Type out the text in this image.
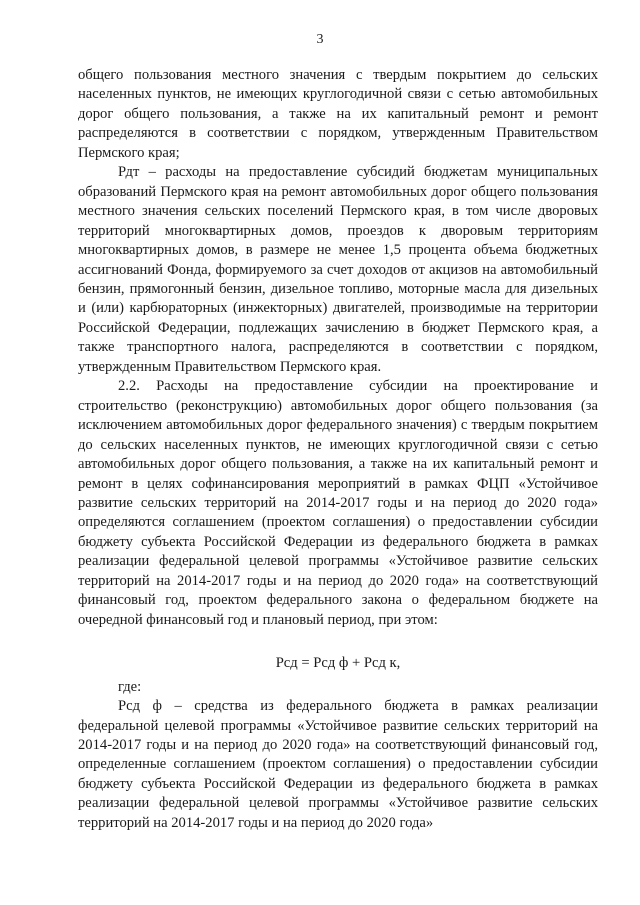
3

общего пользования местного значения с твердым покрытием до сельских населенных пунктов, не имеющих круглогодичной связи с сетью автомобильных дорог общего пользования, а также на их капитальный ремонт и ремонт распределяются в соответствии с порядком, утвержденным Правительством Пермского края;

Рдт – расходы на предоставление субсидий бюджетам муниципальных образований Пермского края на ремонт автомобильных дорог общего пользования местного значения сельских поселений Пермского края, в том числе дворовых территорий многоквартирных домов, проездов к дворовым территориям многоквартирных домов, в размере не менее 1,5 процента объема бюджетных ассигнований Фонда, формируемого за счет доходов от акцизов на автомобильный бензин, прямогонный бензин, дизельное топливо, моторные масла для дизельных и (или) карбюраторных (инжекторных) двигателей, производимые на территории Российской Федерации, подлежащих зачислению в бюджет Пермского края, а также транспортного налога, распределяются в соответствии с порядком, утвержденным Правительством Пермского края.

2.2. Расходы на предоставление субсидии на проектирование и строительство (реконструкцию) автомобильных дорог общего пользования (за исключением автомобильных дорог федерального значения) с твердым покрытием до сельских населенных пунктов, не имеющих круглогодичной связи с сетью автомобильных дорог общего пользования, а также на их капитальный ремонт и ремонт в целях софинансирования мероприятий в рамках ФЦП «Устойчивое развитие сельских территорий на 2014-2017 годы и на период до 2020 года» определяются соглашением (проектом соглашения) о предоставлении субсидии бюджету субъекта Российской Федерации из федерального бюджета в рамках реализации федеральной целевой программы «Устойчивое развитие сельских территорий на 2014-2017 годы и на период до 2020 года» на соответствующий финансовый год, проектом федерального закона о федеральном бюджете на очередной финансовый год и плановый период, при этом:

Рсд = Рсд ф + Рсд к,

где:

Рсд ф – средства из федерального бюджета в рамках реализации федеральной целевой программы «Устойчивое развитие сельских территорий на 2014-2017 годы и на период до 2020 года» на соответствующий финансовый год, определенные соглашением (проектом соглашения) о предоставлении субсидии бюджету субъекта Российской Федерации из федерального бюджета в рамках реализации федеральной целевой программы «Устойчивое развитие сельских территорий на 2014-2017 годы и на период до 2020 года»
